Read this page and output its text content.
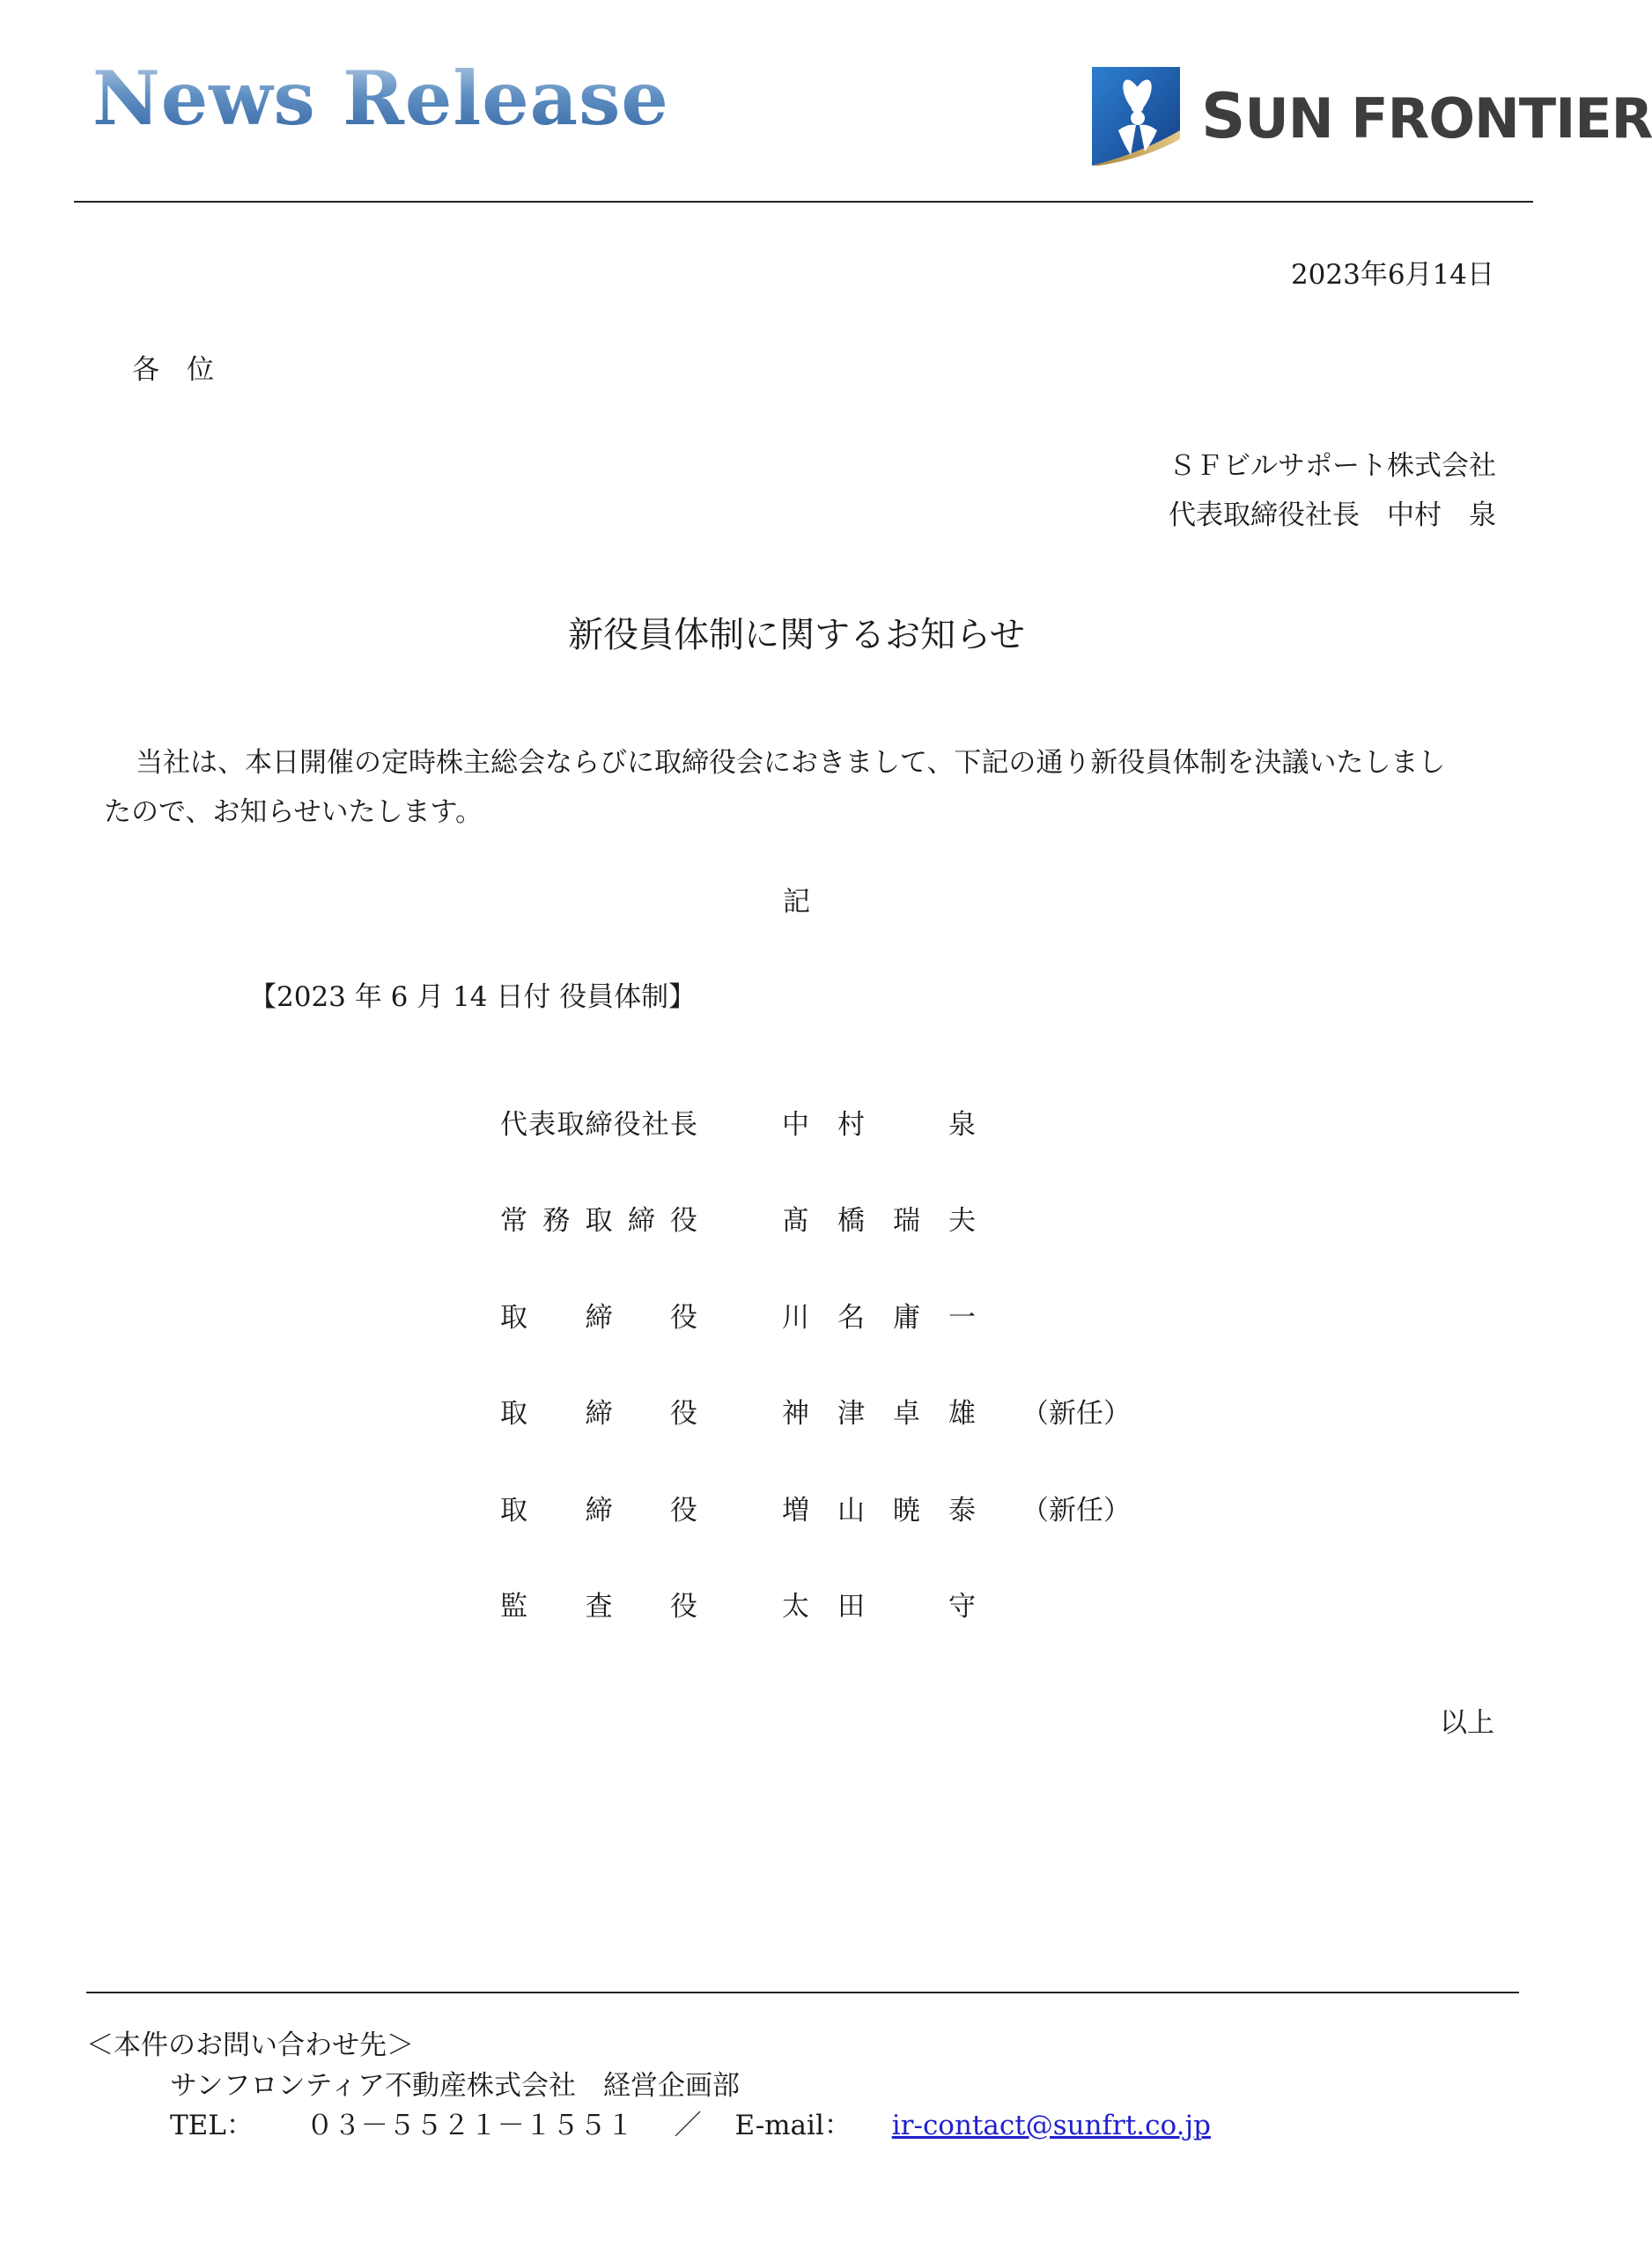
News Release	SUN FRONTIER
2023年6月14日
各　位
ＳＦビルサポート株式会社
代表取締役社長　中村　泉
新役員体制に関するお知らせ

当社は、本日開催の定時株主総会ならびに取締役会におきまして、下記の通り新役員体制を決議いたしまし

たので、お知らせいたします。

記
【2023 年 6 月 14 日付 役員体制】
代 表 取 締 役 社 長	中 村	泉
常 務 取 締 役	髙 橋 瑞 夫
取 締 役	川 名 庸 一
取 締 役	神 津 卓 雄 （新任）
取 締 役	増 山 暁 泰 （新任）
監 査 役	太 田	守
以上
＜本件のお問い合わせ先＞
サンフロンティア不動産株式会社　経営企画部
TEL： ０３－５５２１－１５５１ ／ E-mail： ir-contact@sunfrt.co.jp
